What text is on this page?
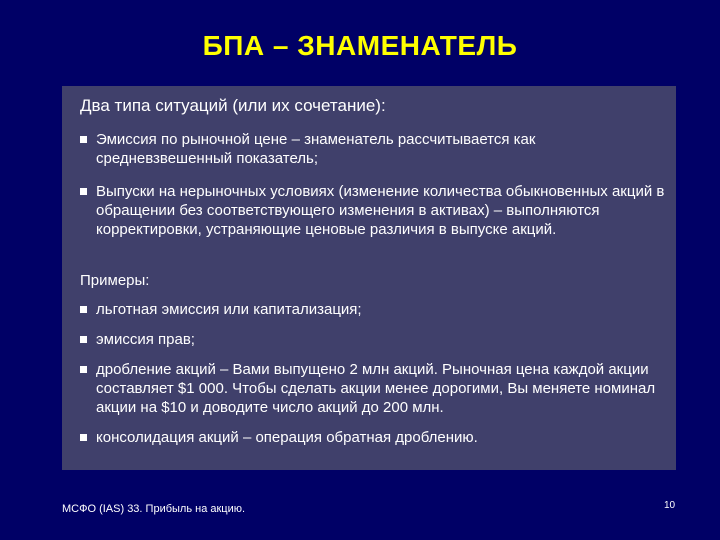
БПА – ЗНАМЕНАТЕЛЬ
Два типа ситуаций (или их сочетание):
Эмиссия по рыночной цене – знаменатель рассчитывается как средневзвешенный показатель;
Выпуски на нерыночных условиях (изменение количества обыкновенных акций в обращении без соответствующего изменения в активах) – выполняются корректировки, устраняющие ценовые различия в выпуске акций.
Примеры:
льготная эмиссия или капитализация;
эмиссия прав;
дробление акций – Вами выпущено 2 млн акций. Рыночная цена каждой акции составляет $1 000. Чтобы сделать акции менее дорогими, Вы меняете номинал акции на $10 и доводите число акций до 200 млн.
консолидация акций – операция обратная дроблению.
МСФО (IAS) 33. Прибыль на акцию.	10
